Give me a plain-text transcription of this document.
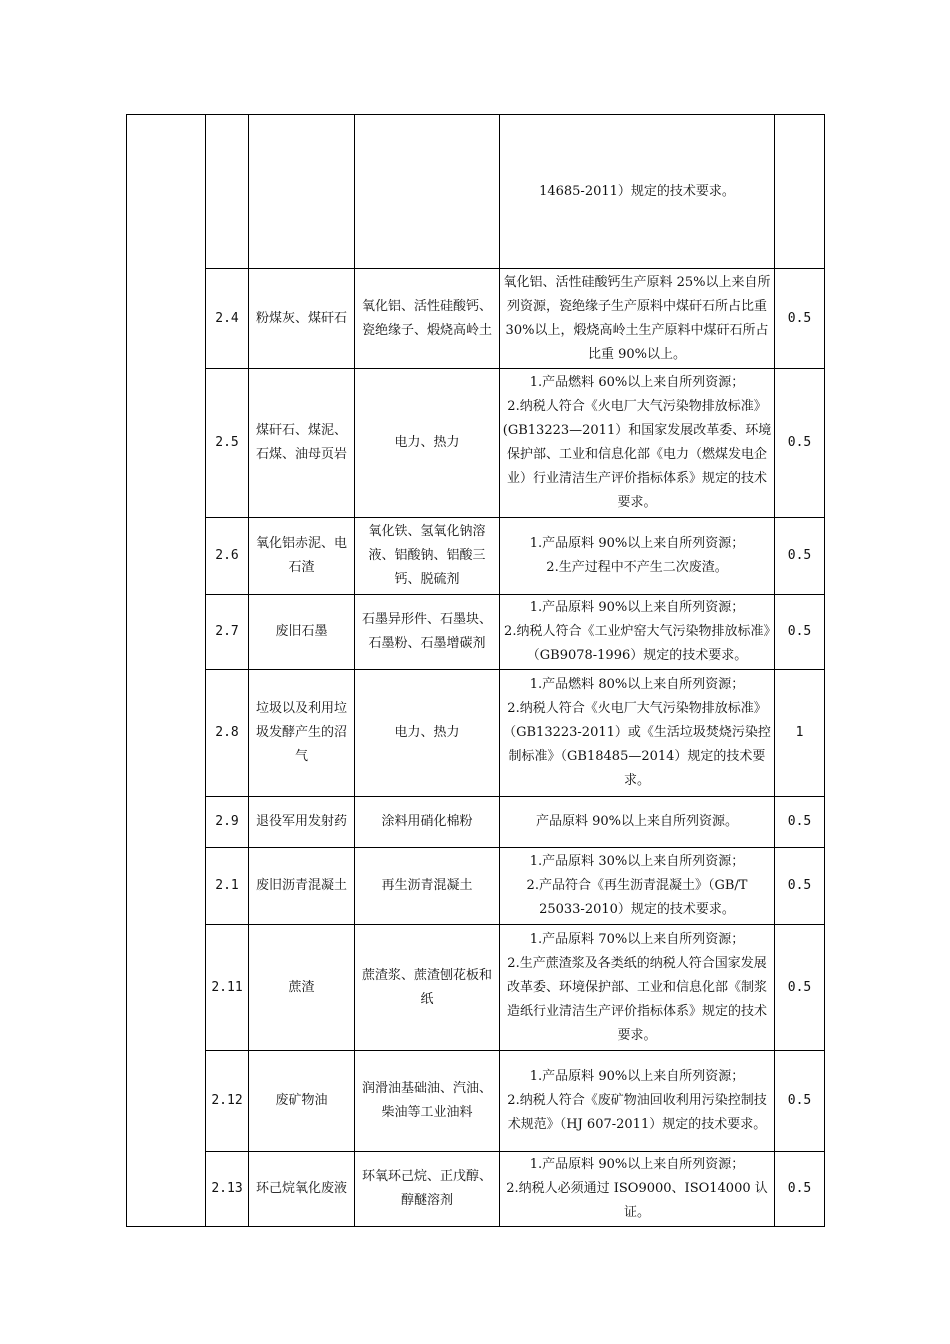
				14685-2011）规定的技术要求。	

	2.4	粉煤灰、煤矸石	氧化铝、活性硅酸钙、瓷绝缘子、煅烧高岭土	氧化铝、活性硅酸钙生产原料 25%以上来自所列资源，瓷绝缘子生产原料中煤矸石所占比重 30%以上，煅烧高岭土生产原料中煤矸石所占比重 90%以上。	0.5
	2.5	煤矸石、煤泥、石煤、油母页岩	电力、热力	1.产品燃料 60%以上来自所列资源；
2.纳税人符合《火电厂大气污染物排放标准》(GB13223—2011）和国家发展改革委、环境保护部、工业和信息化部《电力（燃煤发电企业）行业清洁生产评价指标体系》规定的技术要求。	0.5
	2.6	氧化铝赤泥、电石渣	氧化铁、氢氧化钠溶液、铝酸钠、铝酸三钙、脱硫剂	1.产品原料 90%以上来自所列资源；
2.生产过程中不产生二次废渣。	0.5
	2.7	废旧石墨	石墨异形件、石墨块、石墨粉、石墨增碳剂	1.产品原料 90%以上来自所列资源；
2.纳税人符合《工业炉窑大气污染物排放标准》（GB9078-1996）规定的技术要求。	0.5
	2.8	垃圾以及利用垃圾发酵产生的沼气	电力、热力	1.产品燃料 80%以上来自所列资源；
2.纳税人符合《火电厂大气污染物排放标准》（GB13223-2011）或《生活垃圾焚烧污染控制标准》（GB18485—2014）规定的技术要求。	1
	2.9	退役军用发射药	涂料用硝化棉粉	产品原料 90%以上来自所列资源。	0.5
	2.1	废旧沥青混凝土	再生沥青混凝土	1.产品原料 30%以上来自所列资源；
2.产品符合《再生沥青混凝土》（GB/T 25033-2010）规定的技术要求。	0.5
	2.11	蔗渣	蔗渣浆、蔗渣刨花板和纸	1.产品原料 70%以上来自所列资源；
2.生产蔗渣浆及各类纸的纳税人符合国家发展改革委、环境保护部、工业和信息化部《制浆造纸行业清洁生产评价指标体系》规定的技术要求。	0.5
	2.12	废矿物油	润滑油基础油、汽油、柴油等工业油料	1.产品原料 90%以上来自所列资源；
2.纳税人符合《废矿物油回收利用污染控制技术规范》（HJ 607-2011）规定的技术要求。	0.5
	2.13	环己烷氧化废液	环氧环己烷、正戊醇、醇醚溶剂	1.产品原料 90%以上来自所列资源；
2.纳税人必须通过 ISO9000、ISO14000 认证。	0.5
